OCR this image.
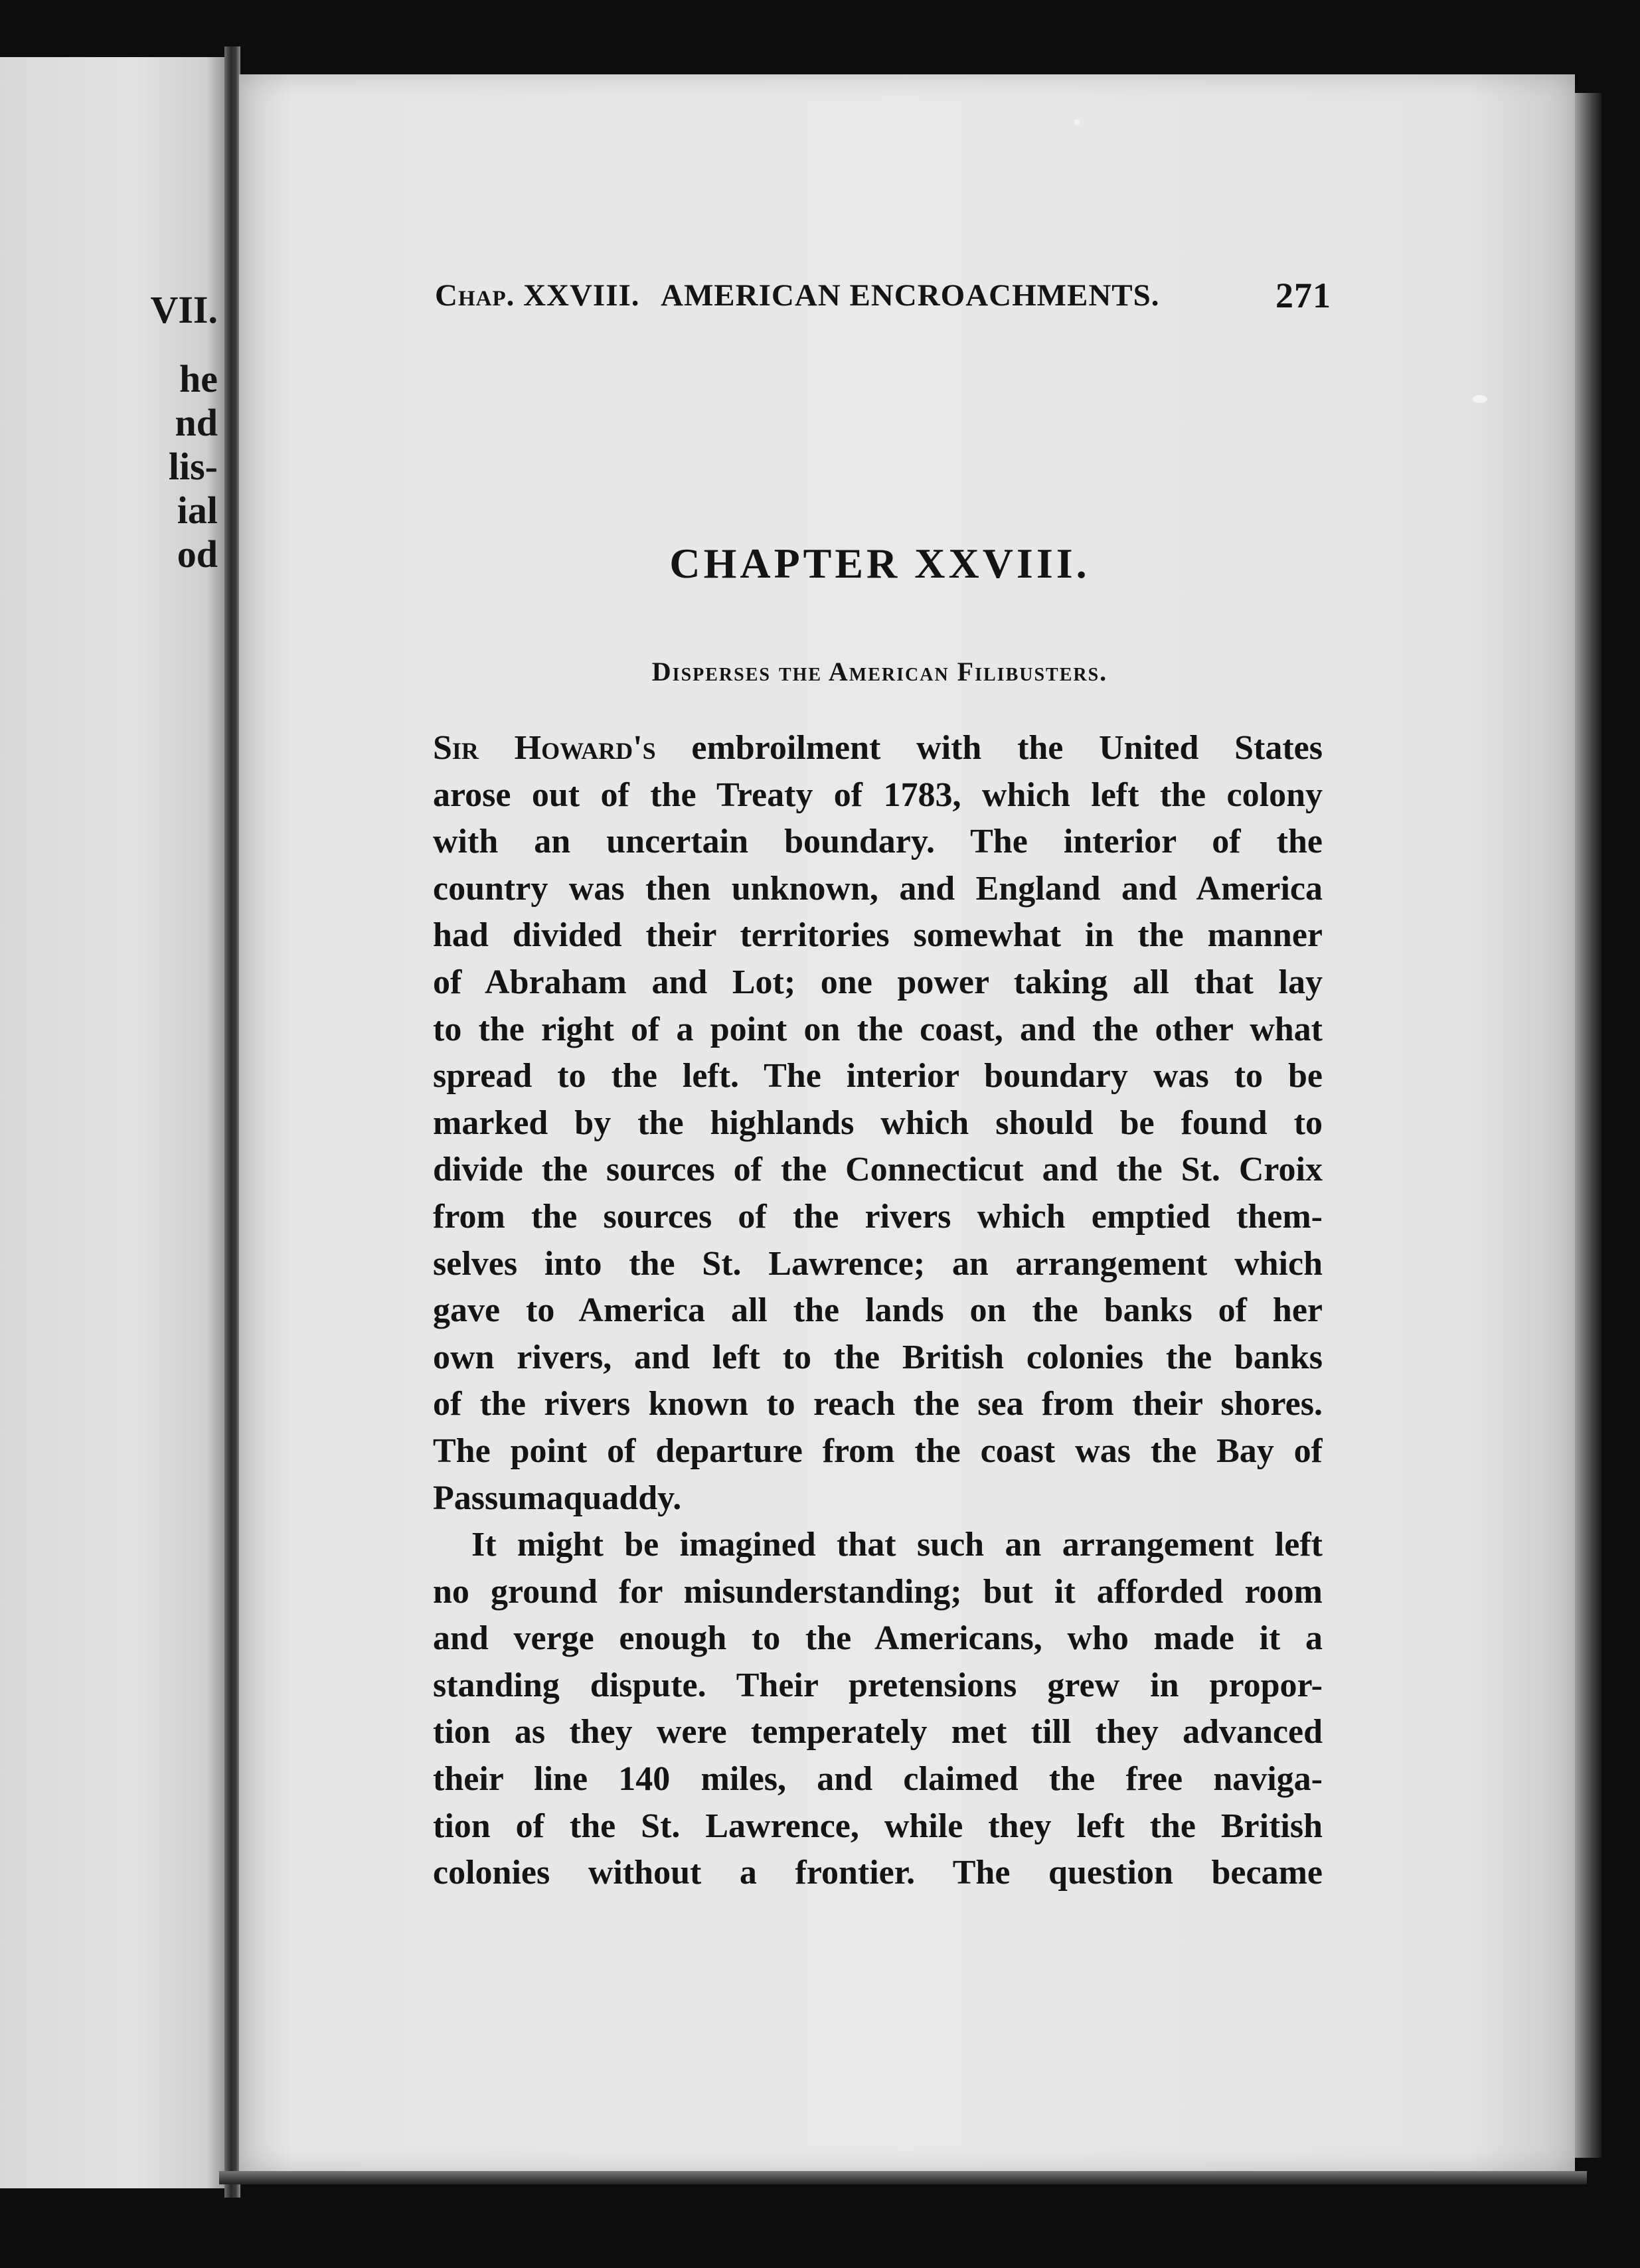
VII.
he
nd
lis-
ial
od
Chap. XXVIII. AMERICAN ENCROACHMENTS.	271
CHAPTER XXVIII.
Disperses the American Filibusters.
Sir Howard's embroilment with the United States
arose out of the Treaty of 1783, which left the colony
with an uncertain boundary. The interior of the
country was then unknown, and England and America
had divided their territories somewhat in the manner
of Abraham and Lot; one power taking all that lay
to the right of a point on the coast, and the other what
spread to the left. The interior boundary was to be
marked by the highlands which should be found to
divide the sources of the Connecticut and the St. Croix
from the sources of the rivers which emptied them-
selves into the St. Lawrence; an arrangement which
gave to America all the lands on the banks of her
own rivers, and left to the British colonies the banks
of the rivers known to reach the sea from their shores.
The point of departure from the coast was the Bay of
Passumaquaddy.
It might be imagined that such an arrangement left
no ground for misunderstanding; but it afforded room
and verge enough to the Americans, who made it a
standing dispute. Their pretensions grew in propor-
tion as they were temperately met till they advanced
their line 140 miles, and claimed the free naviga-
tion of the St. Lawrence, while they left the British
colonies without a frontier. The question became
